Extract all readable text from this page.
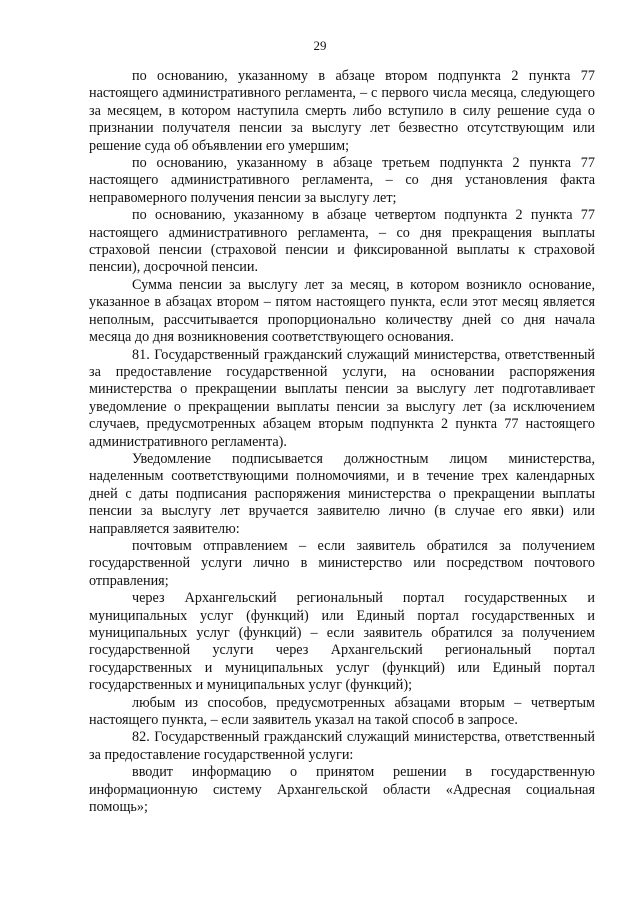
29

по основанию, указанному в абзаце втором подпункта 2 пункта 77 настоящего административного регламента, – с первого числа месяца, следующего за месяцем, в котором наступила смерть либо вступило в силу решение суда о признании получателя пенсии за выслугу лет безвестно отсутствующим или решение суда об объявлении его умершим;

по основанию, указанному в абзаце третьем подпункта 2 пункта 77 настоящего административного регламента, – со дня установления факта неправомерного получения пенсии за выслугу лет;

по основанию, указанному в абзаце четвертом подпункта 2 пункта 77 настоящего административного регламента, – со дня прекращения выплаты страховой пенсии (страховой пенсии и фиксированной выплаты к страховой пенсии), досрочной пенсии.

Сумма пенсии за выслугу лет за месяц, в котором возникло основание, указанное в абзацах втором – пятом настоящего пункта, если этот месяц является неполным, рассчитывается пропорционально количеству дней со дня начала месяца до дня возникновения соответствующего основания.

81. Государственный гражданский служащий министерства, ответственный за предоставление государственной услуги, на основании распоряжения министерства о прекращении выплаты пенсии за выслугу лет подготавливает уведомление о прекращении выплаты пенсии за выслугу лет (за исключением случаев, предусмотренных абзацем вторым подпункта 2 пункта 77 настоящего административного регламента).

Уведомление подписывается должностным лицом министерства, наделенным соответствующими полномочиями, и в течение трех календарных дней с даты подписания распоряжения министерства о прекращении выплаты пенсии за выслугу лет вручается заявителю лично (в случае его явки) или направляется заявителю:

почтовым отправлением – если заявитель обратился за получением государственной услуги лично в министерство или посредством почтового отправления;

через Архангельский региональный портал государственных и муниципальных услуг (функций) или Единый портал государственных и муниципальных услуг (функций) – если заявитель обратился за получением государственной услуги через Архангельский региональный портал государственных и муниципальных услуг (функций) или Единый портал государственных и муниципальных услуг (функций);

любым из способов, предусмотренных абзацами вторым – четвертым настоящего пункта, – если заявитель указал на такой способ в запросе.

82. Государственный гражданский служащий министерства, ответственный за предоставление государственной услуги:

вводит информацию о принятом решении в государственную информационную систему Архангельской области «Адресная социальная помощь»;
